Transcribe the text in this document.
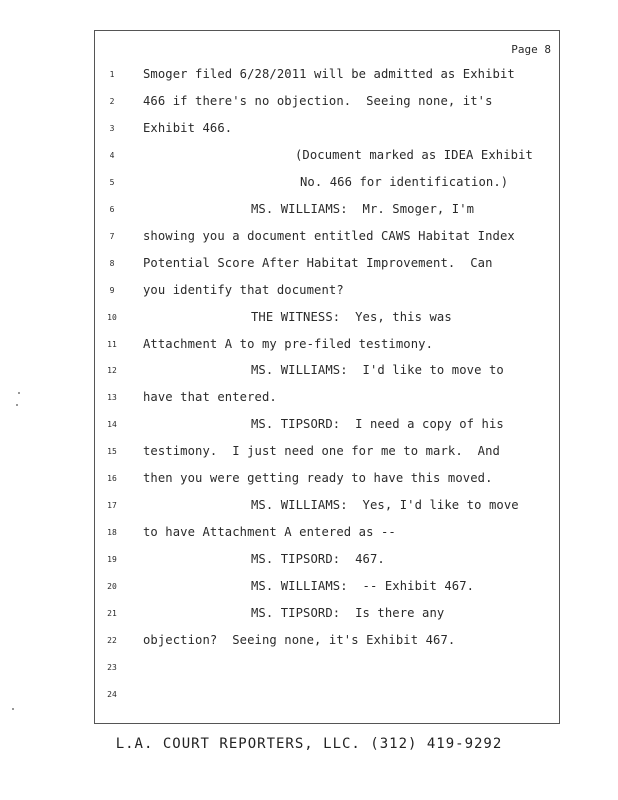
Page 8
1	Smoger filed 6/28/2011 will be admitted as Exhibit
2	466 if there's no objection.  Seeing none, it's
3	Exhibit 466.
4	(Document marked as IDEA Exhibit
5	No. 466 for identification.)
6	MS. WILLIAMS:  Mr. Smoger, I'm
7	showing you a document entitled CAWS Habitat Index
8	Potential Score After Habitat Improvement.  Can
9	you identify that document?
10	THE WITNESS:  Yes, this was
11	Attachment A to my pre-filed testimony.
12	MS. WILLIAMS:  I'd like to move to
13	have that entered.
14	MS. TIPSORD:  I need a copy of his
15	testimony.  I just need one for me to mark.  And
16	then you were getting ready to have this moved.
17	MS. WILLIAMS:  Yes, I'd like to move
18	to have Attachment A entered as --
19	MS. TIPSORD:  467.
20	MS. WILLIAMS:  -- Exhibit 467.
21	MS. TIPSORD:  Is there any
22	objection?  Seeing none, it's Exhibit 467.
23
24
L.A. COURT REPORTERS, LLC. (312) 419-9292
